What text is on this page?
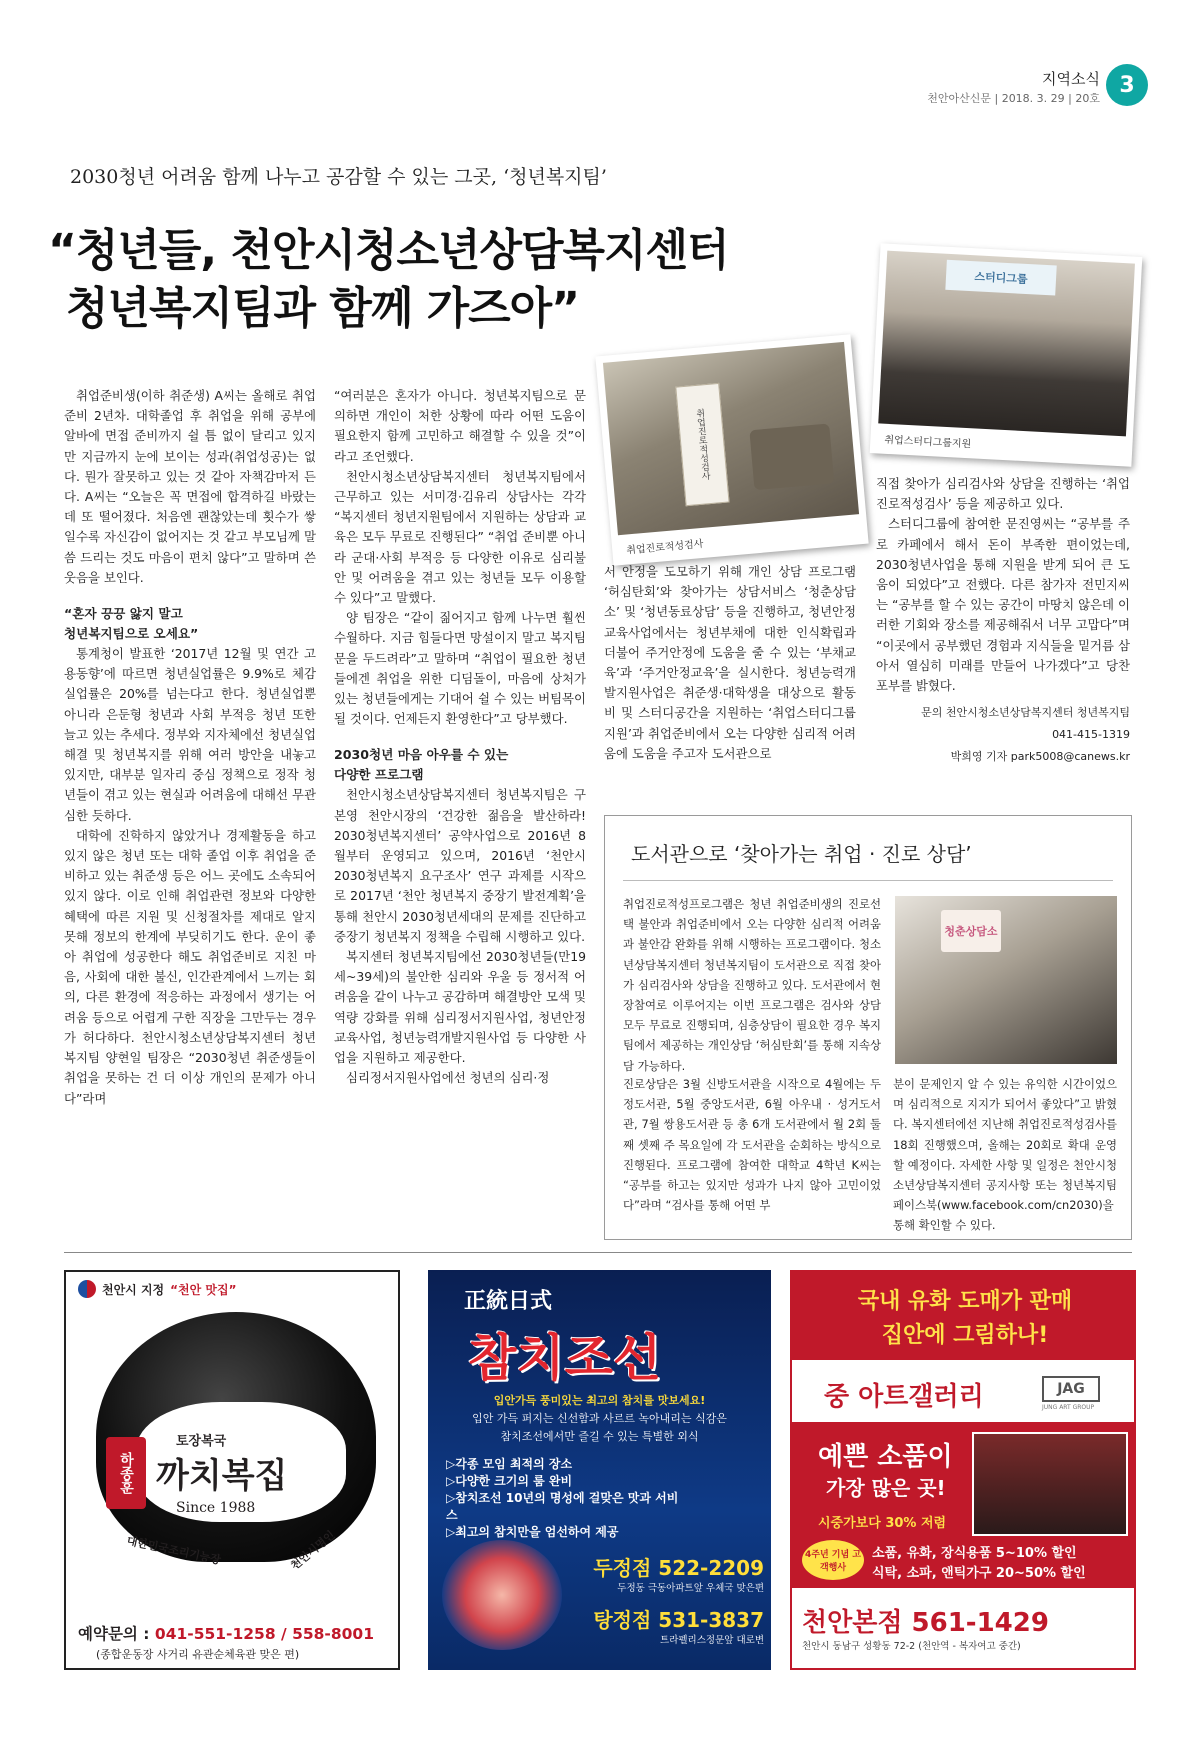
지역소식
천안아산신문 | 2018. 3. 29 | 20호
3
2030청년 어려움 함께 나누고 공감할 수 있는 그곳, ‘청년복지팀’
“청년들, 천안시청소년상담복지센터
청년복지팀과 함께 가즈아”
취업진로적성검사
취업진로적성검사
스터디그룹
취업스터디그룹지원

취업준비생(이하 취준생) A씨는 올해로 취업준비 2년차. 대학졸업 후 취업을 위해 공부에 알바에 면접 준비까지 쉴 틈 없이 달리고 있지만 지금까지 눈에 보이는 성과(취업성공)는 없다. 뭔가 잘못하고 있는 것 같아 자책감마저 든다. A씨는 “오늘은 꼭 면접에 합격하길 바랐는데 또 떨어졌다. 처음엔 괜찮았는데 횟수가 쌓일수록 자신감이 없어지는 것 같고 부모님께 말씀 드리는 것도 마음이 편치 않다”고 말하며 쓴웃음을 보인다.

“혼자 끙끙 앓지 말고
청년복지팀으로 오세요”

통계청이 발표한 ‘2017년 12월 및 연간 고용동향’에 따르면 청년실업률은 9.9%로 체감실업률은 20%를 넘는다고 한다. 청년실업뿐 아니라 은둔형 청년과 사회 부적응 청년 또한 늘고 있는 추세다. 정부와 지자체에선 청년실업 해결 및 청년복지를 위해 여러 방안을 내놓고 있지만, 대부분 일자리 중심 정책으로 정작 청년들이 겪고 있는 현실과 어려움에 대해선 무관심한 듯하다.

대학에 진학하지 않았거나 경제활동을 하고 있지 않은 청년 또는 대학 졸업 이후 취업을 준비하고 있는 취준생 등은 어느 곳에도 소속되어 있지 않다. 이로 인해 취업관련 정보와 다양한 혜택에 따른 지원 및 신청절차를 제대로 알지 못해 정보의 한계에 부딪히기도 한다. 운이 좋아 취업에 성공한다 해도 취업준비로 지친 마음, 사회에 대한 불신, 인간관계에서 느끼는 회의, 다른 환경에 적응하는 과정에서 생기는 어려움 등으로 어렵게 구한 직장을 그만두는 경우가 허다하다. 천안시청소년상담복지센터 청년복지팀 양현일 팀장은 “2030청년 취준생들이 취업을 못하는 건 더 이상 개인의 문제가 아니다”라며

“여러분은 혼자가 아니다. 청년복지팀으로 문의하면 개인이 처한 상황에 따라 어떤 도움이 필요한지 함께 고민하고 해결할 수 있을 것”이라고 조언했다.

천안시청소년상담복지센터 청년복지팀에서 근무하고 있는 서미경·김유리 상담사는 각각 “복지센터 청년지원팀에서 지원하는 상담과 교육은 모두 무료로 진행된다” “취업 준비뿐 아니라 군대·사회 부적응 등 다양한 이유로 심리불안 및 어려움을 겪고 있는 청년들 모두 이용할 수 있다”고 말했다.

양 팀장은 “같이 짊어지고 함께 나누면 훨씬 수월하다. 지금 힘들다면 망설이지 말고 복지팀 문을 두드려라”고 말하며 “취업이 필요한 청년들에겐 취업을 위한 디딤돌이, 마음에 상처가 있는 청년들에게는 기대어 쉴 수 있는 버팀목이 될 것이다. 언제든지 환영한다”고 당부했다.

2030청년 마음 아우를 수 있는
다양한 프로그램

천안시청소년상담복지센터 청년복지팀은 구본영 천안시장의 ‘건강한 젊음을 발산하라! 2030청년복지센터’ 공약사업으로 2016년 8월부터 운영되고 있으며, 2016년 ‘천안시 2030청년복지 요구조사’ 연구 과제를 시작으로 2017년 ‘천안 청년복지 중장기 발전계획’을 통해 천안시 2030청년세대의 문제를 진단하고 중장기 청년복지 정책을 수립해 시행하고 있다.

복지센터 청년복지팀에선 2030청년들(만19세~39세)의 불안한 심리와 우울 등 정서적 어려움을 같이 나누고 공감하며 해결방안 모색 및 역량 강화를 위해 심리정서지원사업, 청년안정교육사업, 청년능력개발지원사업 등 다양한 사업을 지원하고 제공한다.

심리정서지원사업에선 청년의 심리·정

서 안정을 도모하기 위해 개인 상담 프로그램 ‘허심탄회’와 찾아가는 상담서비스 ‘청춘상담소’ 및 ‘청년동료상담’ 등을 진행하고, 청년안정교육사업에서는 청년부채에 대한 인식확립과 더불어 주거안정에 도움을 줄 수 있는 ‘부채교육’과 ‘주거안정교육’을 실시한다. 청년능력개발지원사업은 취준생·대학생을 대상으로 활동비 및 스터디공간을 지원하는 ‘취업스터디그룹 지원’과 취업준비에서 오는 다양한 심리적 어려움에 도움을 주고자 도서관으로

직접 찾아가 심리검사와 상담을 진행하는 ‘취업진로적성검사’ 등을 제공하고 있다.

스터디그룹에 참여한 문진영씨는 “공부를 주로 카페에서 해서 돈이 부족한 편이었는데, 2030청년사업을 통해 지원을 받게 되어 큰 도움이 되었다”고 전했다. 다른 참가자 전민지씨는 “공부를 할 수 있는 공간이 마땅치 않은데 이러한 기회와 장소를 제공해줘서 너무 고맙다”며 “이곳에서 공부했던 경험과 지식들을 밑거름 삼아서 열심히 미래를 만들어 나가겠다”고 당찬 포부를 밝혔다.

문의 천안시청소년상담복지센터 청년복지팀
041-415-1319
박희영 기자 park5008@canews.kr
도서관으로 ‘찾아가는 취업 · 진로 상담’
취업진로적성프로그램은 청년 취업준비생의 진로선택 불안과 취업준비에서 오는 다양한 심리적 어려움과 불안감 완화를 위해 시행하는 프로그램이다. 청소년상담복지센터 청년복지팀이 도서관으로 직접 찾아가 심리검사와 상담을 진행하고 있다. 도서관에서 현장참여로 이루어지는 이번 프로그램은 검사와 상담 모두 무료로 진행되며, 심층상담이 필요한 경우 복지팀에서 제공하는 개인상담 ‘허심탄회’를 통해 지속상담 가능하다.
청춘상담소
진로상담은 3월 신방도서관을 시작으로 4월에는 두정도서관, 5월 중앙도서관, 6월 아우내 · 성거도서관, 7월 쌍용도서관 등 총 6개 도서관에서 월 2회 둘째 셋째 주 목요일에 각 도서관을 순회하는 방식으로 진행된다. 프로그램에 참여한 대학교 4학년 K씨는 “공부를 하고는 있지만 성과가 나지 않아 고민이었다”라며 “검사를 통해 어떤 부
분이 문제인지 알 수 있는 유익한 시간이었으며 심리적으로 지지가 되어서 좋았다”고 밝혔다. 복지센터에선 지난해 취업진로적성검사를 18회 진행했으며, 올해는 20회로 확대 운영할 예정이다. 자세한 사항 및 일정은 천안시청소년상담복지센터 공지사항 또는 청년복지팀 페이스북(www.facebook.com/cn2030)을 통해 확인할 수 있다.
천안시 지정 “천안 맛집”
하종훈
토장복국
까치복집
Since 1988
대한민국조리기능장	천안시명인
예약문의 : 041-551-1258 / 558-8001
(종합운동장 사거리 유관순체육관 맞은 편)
正統日式
참치조선
입안가득 풍미있는 최고의 참치를 맛보세요!
입안 가득 퍼지는 신선함과 사르르 녹아내리는 식감은
참치조선에서만 즐길 수 있는 특별한 외식
▷각종 모임 최적의 장소
▷다양한 크기의 룸 완비
▷참치조선 10년의 명성에 걸맞은 맛과 서비스
▷최고의 참치만을 엄선하여 제공
두정점 522-2209
두정동 극동아파트앞 우체국 맞은편
탕정점 531-3837
트라펠리스정문앞 대로변
국내 유화 도매가 판매
집안에 그림하나!
중 아트갤러리	JAG
JUNG ART GROUP
예쁜 소품이
가장 많은 곳!
시중가보다 30% 저렴
4주년 기념 고객행사
소품, 유화, 장식용품 5~10% 할인
식탁, 소파, 앤틱가구 20~50% 할인
천안본점 561-1429
천안시 동남구 성황동 72-2 (천안역 - 복자여고 중간)
